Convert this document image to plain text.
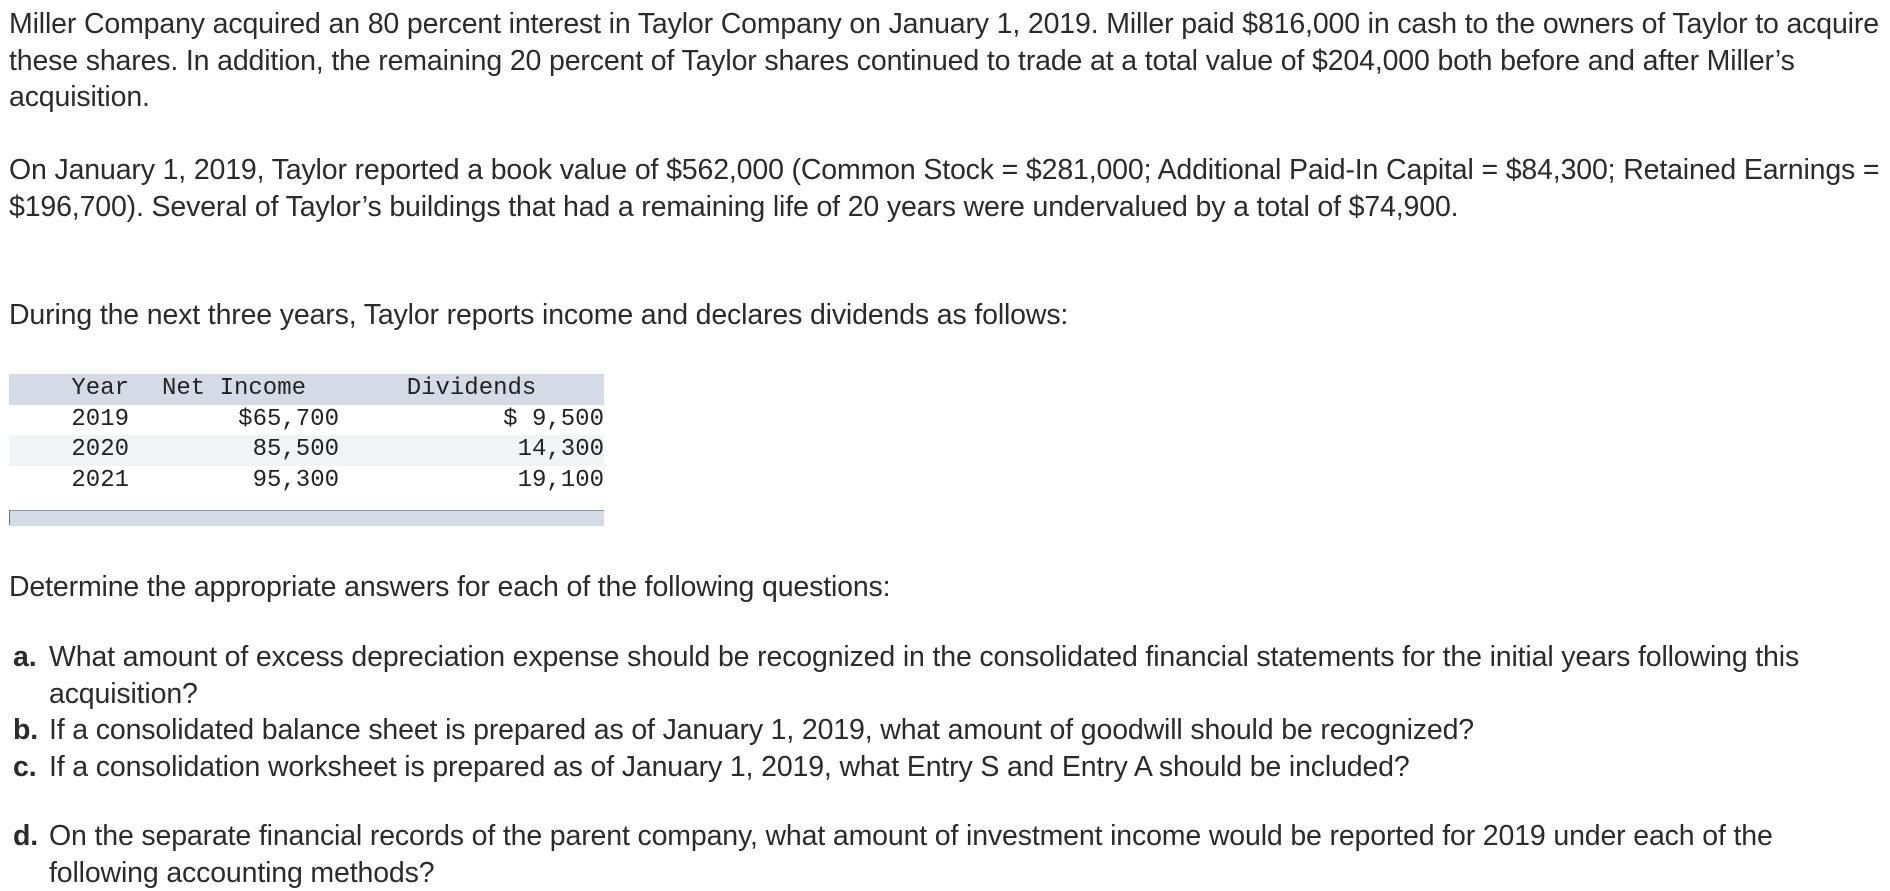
Miller Company acquired an 80 percent interest in Taylor Company on January 1, 2019. Miller paid $816,000 in cash to the owners of Taylor to acquire these shares. In addition, the remaining 20 percent of Taylor shares continued to trade at a total value of $204,000 both before and after Miller’s acquisition.

On January 1, 2019, Taylor reported a book value of $562,000 (Common Stock = $281,000; Additional Paid-In Capital = $84,300; Retained Earnings = $196,700). Several of Taylor’s buildings that had a remaining life of 20 years were undervalued by a total of $74,900.

During the next three years, Taylor reports income and declares dividends as follows:

Year	Net Income	Dividends
2019	$65,700	$ 9,500
2020	85,500	14,300
2021	95,300	19,100

Determine the appropriate answers for each of the following questions:

a. What amount of excess depreciation expense should be recognized in the consolidated financial statements for the initial years following this acquisition?
b. If a consolidated balance sheet is prepared as of January 1, 2019, what amount of goodwill should be recognized?
c. If a consolidation worksheet is prepared as of January 1, 2019, what Entry S and Entry A should be included?
d. On the separate financial records of the parent company, what amount of investment income would be reported for 2019 under each of the following accounting methods?
